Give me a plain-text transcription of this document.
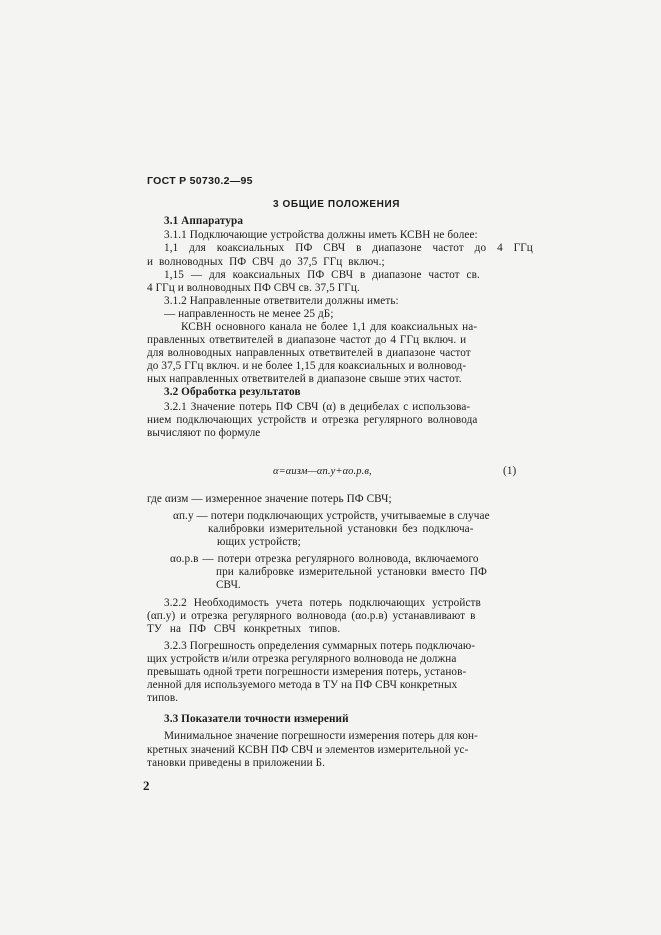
ГОСТ Р 50730.2—95
3 ОБЩИЕ ПОЛОЖЕНИЯ
3.1 Аппаратура
3.1.1 Подключающие устройства должны иметь КСВН не более:
1,1 для коаксиальных ПФ СВЧ в диапазоне частот до 4 ГГц
и волноводных ПФ СВЧ до 37,5 ГГц включ.;
1,15 — для коаксиальных ПФ СВЧ в диапазоне частот св.
4 ГГц и волноводных ПФ СВЧ св. 37,5 ГГц.
3.1.2 Направленные ответвители должны иметь:
— направленность не менее 25 дБ;
КСВН основного канала не более 1,1 для коаксиальных на-
правленных ответвителей в диапазоне частот до 4 ГГц включ. и
для волноводных направленных ответвителей в диапазоне частот
до 37,5 ГГц включ. и не более 1,15 для коаксиальных и волновод-
ных направленных ответвителей в диапазоне свыше этих частот.
3.2 Обработка результатов
3.2.1 Значение потерь ПФ СВЧ (α) в децибелах с использова-
нием подключающих устройств и отрезка регулярного волновода
вычисляют по формуле
α=αизм—αп.у+αо.р.в,	(1)
где αизм — измеренное значение потерь ПФ СВЧ;
αп.у — потери подключающих устройств, учитываемые в случае
калибровки измерительной установки без подключа-
ющих устройств;
αо.р.в — потери отрезка регулярного волновода, включаемого
при калибровке измерительной установки вместо ПФ
СВЧ.
3.2.2 Необходимость учета потерь подключающих устройств
(αп.у) и отрезка регулярного волновода (αо.р.в) устанавливают в
ТУ на ПФ СВЧ конкретных типов.
3.2.3 Погрешность определения суммарных потерь подключаю-
щих устройств и/или отрезка регулярного волновода не должна
превышать одной трети погрешности измерения потерь, установ-
ленной для используемого метода в ТУ на ПФ СВЧ конкретных
типов.
3.3 Показатели точности измерений
Минимальное значение погрешности измерения потерь для кон-
кретных значений КСВН ПФ СВЧ и элементов измерительной ус-
тановки приведены в приложении Б.
2
